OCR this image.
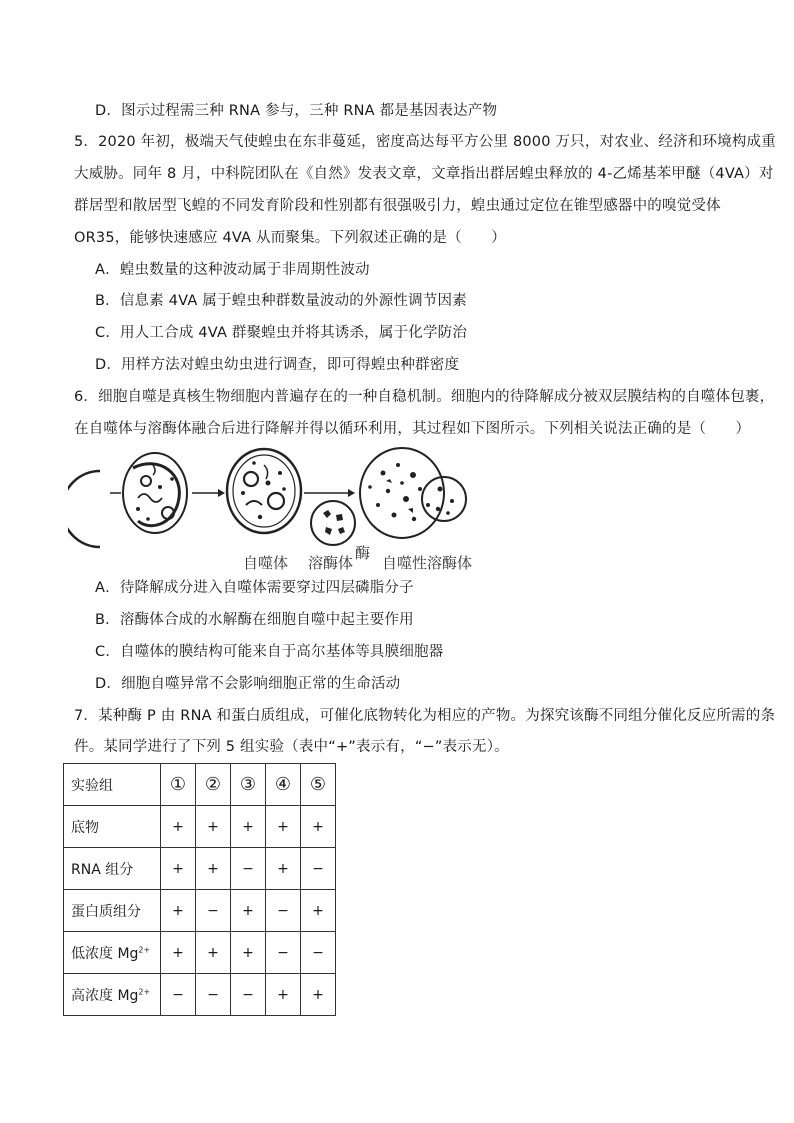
D．图示过程需三种 RNA 参与，三种 RNA 都是基因表达产物
5．2020 年初，极端天气使蝗虫在东非蔓延，密度高达每平方公里 8000 万只，对农业、经济和环境构成重
大威胁。同年 8 月，中科院团队在《自然》发表文章，文章指出群居蝗虫释放的 4-乙烯基苯甲醚（4VA）对
群居型和散居型飞蝗的不同发育阶段和性别都有很强吸引力，蝗虫通过定位在锥型感器中的嗅觉受体
OR35，能够快速感应 4VA 从而聚集。下列叙述正确的是（　　）
A．蝗虫数量的这种波动属于非周期性波动
B．信息素 4VA 属于蝗虫种群数量波动的外源性调节因素
C．用人工合成 4VA 群聚蝗虫并将其诱杀，属于化学防治
D．用样方法对蝗虫幼虫进行调查，即可得蝗虫种群密度
6．细胞自噬是真核生物细胞内普遍存在的一种自稳机制。细胞内的待降解成分被双层膜结构的自噬体包裹，
在自噬体与溶酶体融合后进行降解并得以循环利用，其过程如下图所示。下列相关说法正确的是（　　）
自噬体 溶酶体
酶
自噬性溶酶体
A．待降解成分进入自噬体需要穿过四层磷脂分子
B．溶酶体合成的水解酶在细胞自噬中起主要作用
C．自噬体的膜结构可能来自于高尔基体等具膜细胞器
D．细胞自噬异常不会影响细胞正常的生命活动
7．某种酶 P 由 RNA 和蛋白质组成，可催化底物转化为相应的产物。为探究该酶不同组分催化反应所需的条
件。某同学进行了下列 5 组实验（表中“+”表示有，“−”表示无）。
实验组	①	②	③	④	⑤
底物	+	+	+	+	+
RNA 组分	+	+	−	+	−
蛋白质组分	+	−	+	−	+
低浓度 $Mg^{2+}$	+	+	+	−	−
高浓度 $Mg^{2+}$	−	−	−	+	+
